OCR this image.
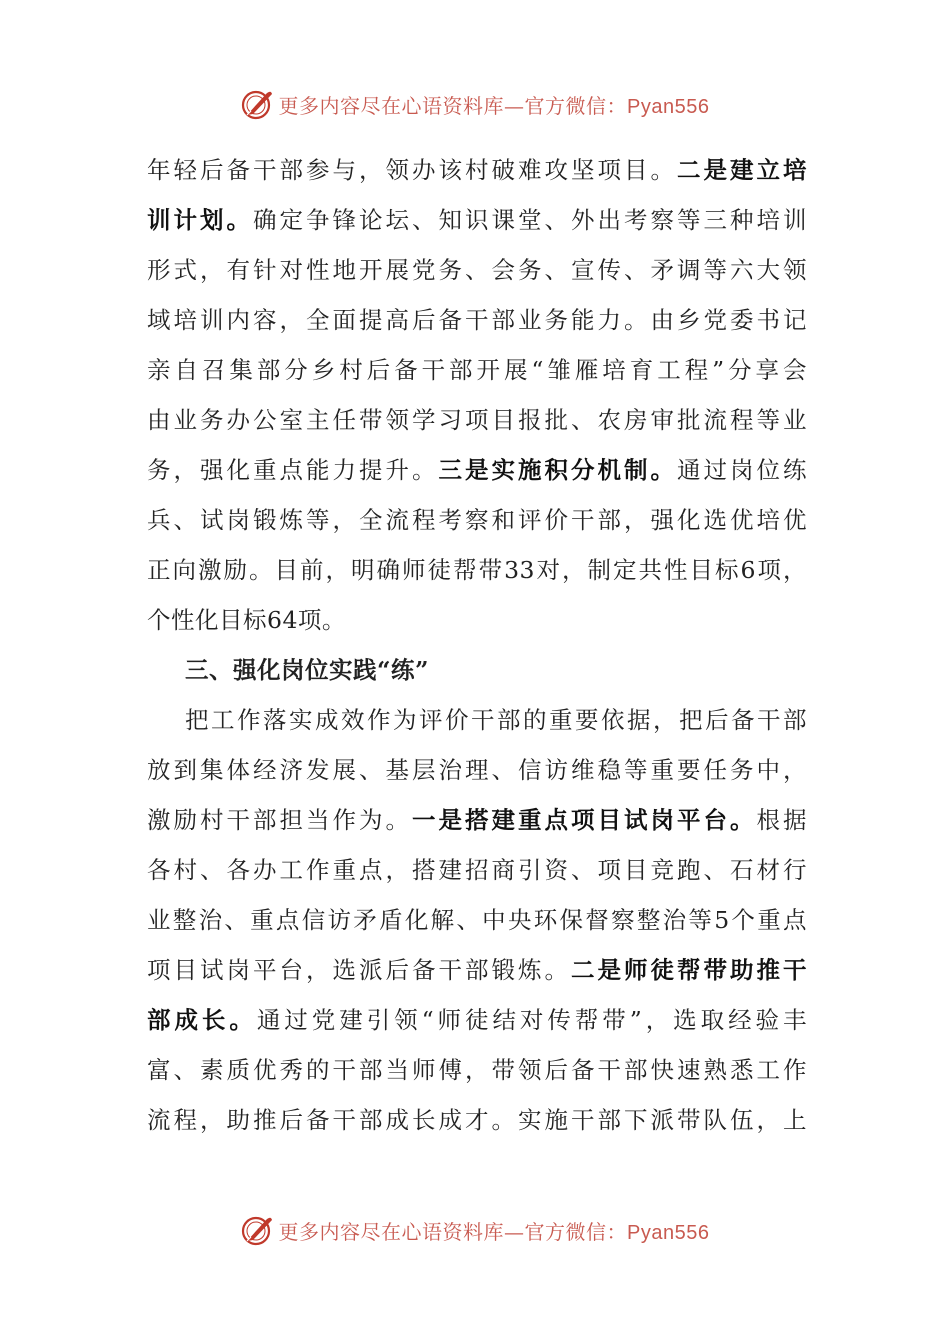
更多内容尽在心语资料库—官方微信：Pyan556
年轻后备干部参与，领办该村破难攻坚项目。二是建立培
训计划。确定争锋论坛、知识课堂、外出考察等三种培训
形式，有针对性地开展党务、会务、宣传、矛调等六大领
域培训内容，全面提高后备干部业务能力。由乡党委书记
亲自召集部分乡村后备干部开展“雏雁培育工程”分享会
由业务办公室主任带领学习项目报批、农房审批流程等业
务，强化重点能力提升。三是实施积分机制。通过岗位练
兵、试岗锻炼等，全流程考察和评价干部，强化选优培优
正向激励。目前，明确师徒帮带33对，制定共性目标6项，
个性化目标64项。
三、强化岗位实践“练”
把工作落实成效作为评价干部的重要依据，把后备干部
放到集体经济发展、基层治理、信访维稳等重要任务中，
激励村干部担当作为。一是搭建重点项目试岗平台。根据
各村、各办工作重点，搭建招商引资、项目竞跑、石材行
业整治、重点信访矛盾化解、中央环保督察整治等5个重点
项目试岗平台，选派后备干部锻炼。二是师徒帮带助推干
部成长。通过党建引领“师徒结对传帮带”，选取经验丰
富、素质优秀的干部当师傅，带领后备干部快速熟悉工作
流程，助推后备干部成长成才。实施干部下派带队伍，上
更多内容尽在心语资料库—官方微信：Pyan556
